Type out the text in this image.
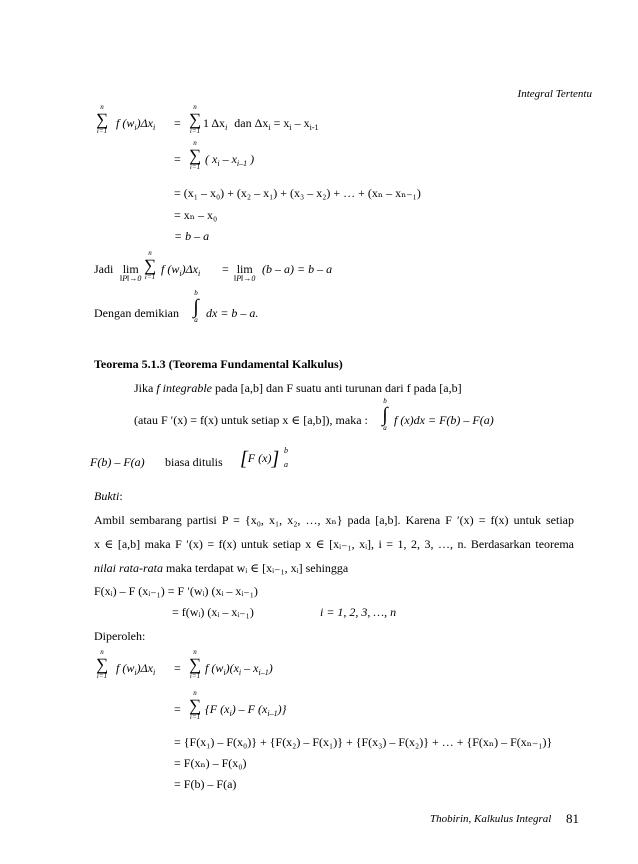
Integral Tertentu
n
∑
i=1
f $(w_i)\Delta x_i$ =
n
∑
i=1
1 $\Delta x_i$ dan $\Delta x_i = x_i - x_{i-1}$
=
n
∑
i=1
( $x_i - x_{i-1}$ )
= (x₁ – x₀) + (x₂ – x₁) + (x₃ – x₂) + … + (xₙ – xₙ₋₁)
= xₙ – x₀
= b – a
Jadi lim
‖P‖→0
n
∑
i=1
f $(w_i)\Delta x_i = \lim$
‖P‖→0
(b – a) = b – a
Dengan demikian
b
∫
a dx = b – a.
Teorema 5.1.3 (Teorema Fundamental Kalkulus)
Jika f integrable pada [a,b] dan F suatu anti turunan dari f pada [a,b]
(atau F ′(x) = f(x) untuk setiap x ∈ [a,b]), maka :
b
∫
a
f (x)dx = F(b) – F(a)
F(b) – F(a) biasa ditulis [F (x)] b
a
Bukti:
Ambil sembarang partisi P = {x₀, x₁, x₂, …, xₙ} pada [a,b]. Karena F ′(x) = f(x) untuk setiap
x ∈ [a,b] maka F ′(x) = f(x) untuk setiap x ∈ [xᵢ₋₁, xᵢ], i = 1, 2, 3, …, n. Berdasarkan teorema
nilai rata-rata maka terdapat wᵢ ∈ [xᵢ₋₁, xᵢ] sehingga
F(xᵢ) – F (xᵢ₋₁) = F ′(wᵢ) (xᵢ – xᵢ₋₁)
= f(wᵢ) (xᵢ – xᵢ₋₁)	i = 1, 2, 3, …, n
Diperoleh:
n
∑
i=1
f $(w_i)\Delta x_i$ =
n
∑
i=1
f $(w_i)(x_i - x_{i-1})$
=
n
∑
i=1
{F $(x_i)$ – F $(x_{i-1})$}
= {F(x₁) – F(x₀)} + {F(x₂) – F(x₁)} + {F(x₃) – F(x₂)} + … + {F(xₙ) – F(xₙ₋₁)}
= F(xₙ) – F(x₀)
= F(b) – F(a)
Thobirin, Kalkulus Integral 81
